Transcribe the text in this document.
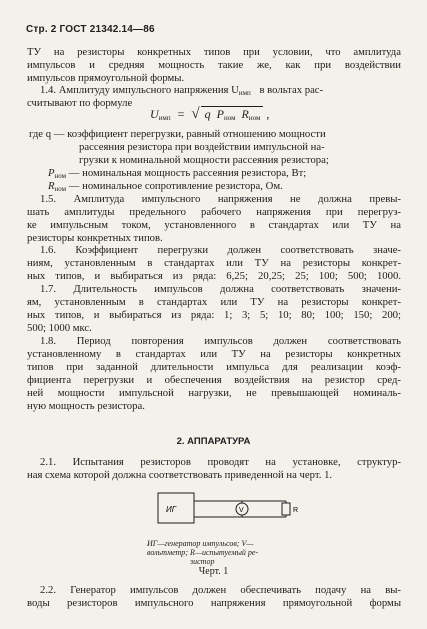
Стр. 2 ГОСТ 21342.14—86
ТУ на резисторы конкретных типов при условии, что амплитуда
импульсов и средняя мощность такие же, как при воздействии
импульсов прямоугольной формы.
1.4. Амплитуду импульсного напряжения Uимп в вольтах рас-
считывают по формуле
$U_{имп}$ = √ q $P_{ном}$ $R_{ном}$ ,
где q — коэффициент перегрузки, равный отношению мощности
рассеяния резистора при воздействии импульсной на-
грузки к номинальной мощности рассеяния резистора;
Pном — номинальная мощность рассеяния резистора, Вт;
Rном — номинальное сопротивление резистора, Ом.
1.5. Амплитуда импульсного напряжения не должна превы-
шать амплитуды предельного рабочего напряжения при перегруз-
ке импульсным током, установленного в стандартах или ТУ на
резисторы конкретных типов.
1.6. Коэффициент перегрузки должен соответствовать значе-
ниям, установленным в стандартах или ТУ на резисторы конкрет-
ных типов, и выбираться из ряда: 6,25; 20,25; 25; 100; 500; 1000.
1.7. Длительность импульсов должна соответствовать значени-
ям, установленным в стандартах или ТУ на резисторы конкрет-
ных типов, и выбираться из ряда: 1; 3; 5; 10; 80; 100; 150; 200;
500; 1000 мкс.
1.8. Период повторения импульсов должен соответствовать
установленному в стандартах или ТУ на резисторы конкретных
типов при заданной длительности импульса для реализации коэф-
фициента перегрузки и обеспечения воздействия на резистор сред-
ней мощности импульсной нагрузки, не превышающей номиналь-
ную мощность резистора.
2. АППАРАТУРА
2.1. Испытания резисторов проводят на установке, структур-
ная схема которой должна соответствовать приведенной на черт. 1.
ИГ	V	R
ИГ—генератор импульсов; V—
вольтметр; R—испытуемый ре-
зистор
Черт. 1
2.2. Генератор импульсов должен обеспечивать подачу на вы-
воды резисторов импульсного напряжения прямоугольной формы
